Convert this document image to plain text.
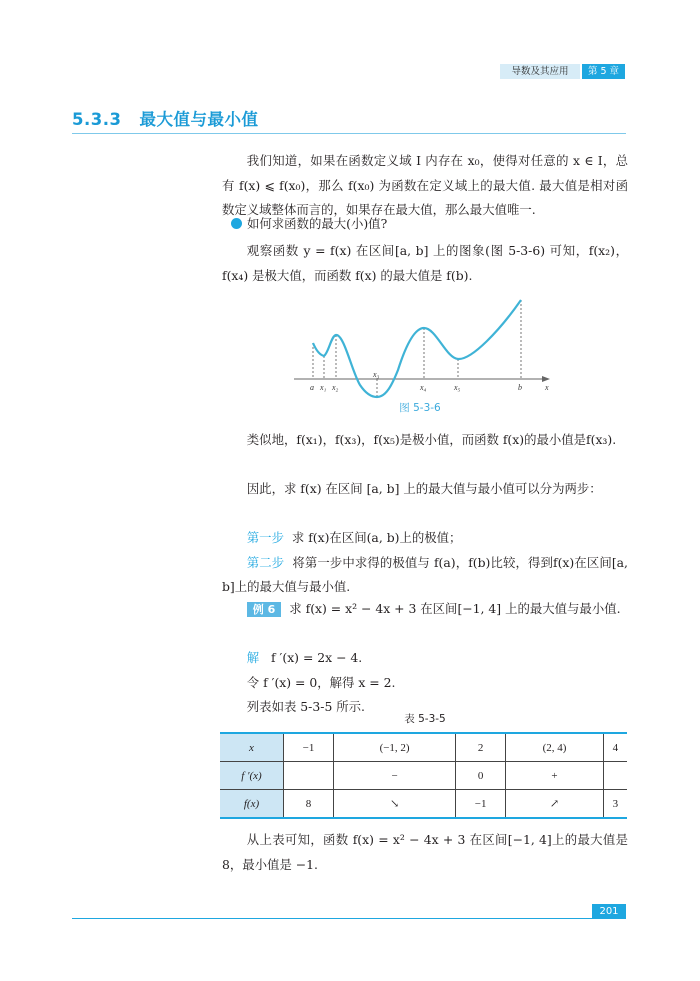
导数及其应用	第 5 章
5.3.3 最大值与最小值

我们知道，如果在函数定义域 I 内存在 x₀，使得对任意的 x ∈ I，总有 f(x) ⩽ f(x₀)，那么 f(x₀) 为函数在定义域上的最大值. 最大值是相对函数定义域整体而言的，如果存在最大值，那么最大值唯一.

如何求函数的最大(小)值?

观察函数 y = f(x) 在区间[a, b] 上的图象(图 5-3-6) 可知，f(x₂)，f(x₄) 是极大值，而函数 f(x) 的最大值是 f(b).

a x₁ x₂
x₃
x₄	x₅	b	x
图 5-3-6

类似地，f(x₁)，f(x₃)，f(x₅)是极小值，而函数 f(x)的最小值是f(x₃).

因此，求 f(x) 在区间 [a, b] 上的最大值与最小值可以分为两步：

第一步 求 f(x)在区间(a, b)上的极值；

第二步 将第一步中求得的极值与 f(a)，f(b)比较，得到f(x)在区间[a, b]上的最大值与最小值.

例 6 求 f(x) = x² − 4x + 3 在区间[−1, 4] 上的最大值与最小值.

解 f ′(x) = 2x − 4.

令 f ′(x) = 0，解得 x = 2.

列表如表 5-3-5 所示.

表 5-3-5
x	−1	(−1, 2)	2	(2, 4)	4
f ′(x)		−	0	+	
f(x)	8	↘	−1	↗	3

从上表可知，函数 f(x) = x² − 4x + 3 在区间[−1, 4]上的最大值是 8，最小值是 −1.

201
